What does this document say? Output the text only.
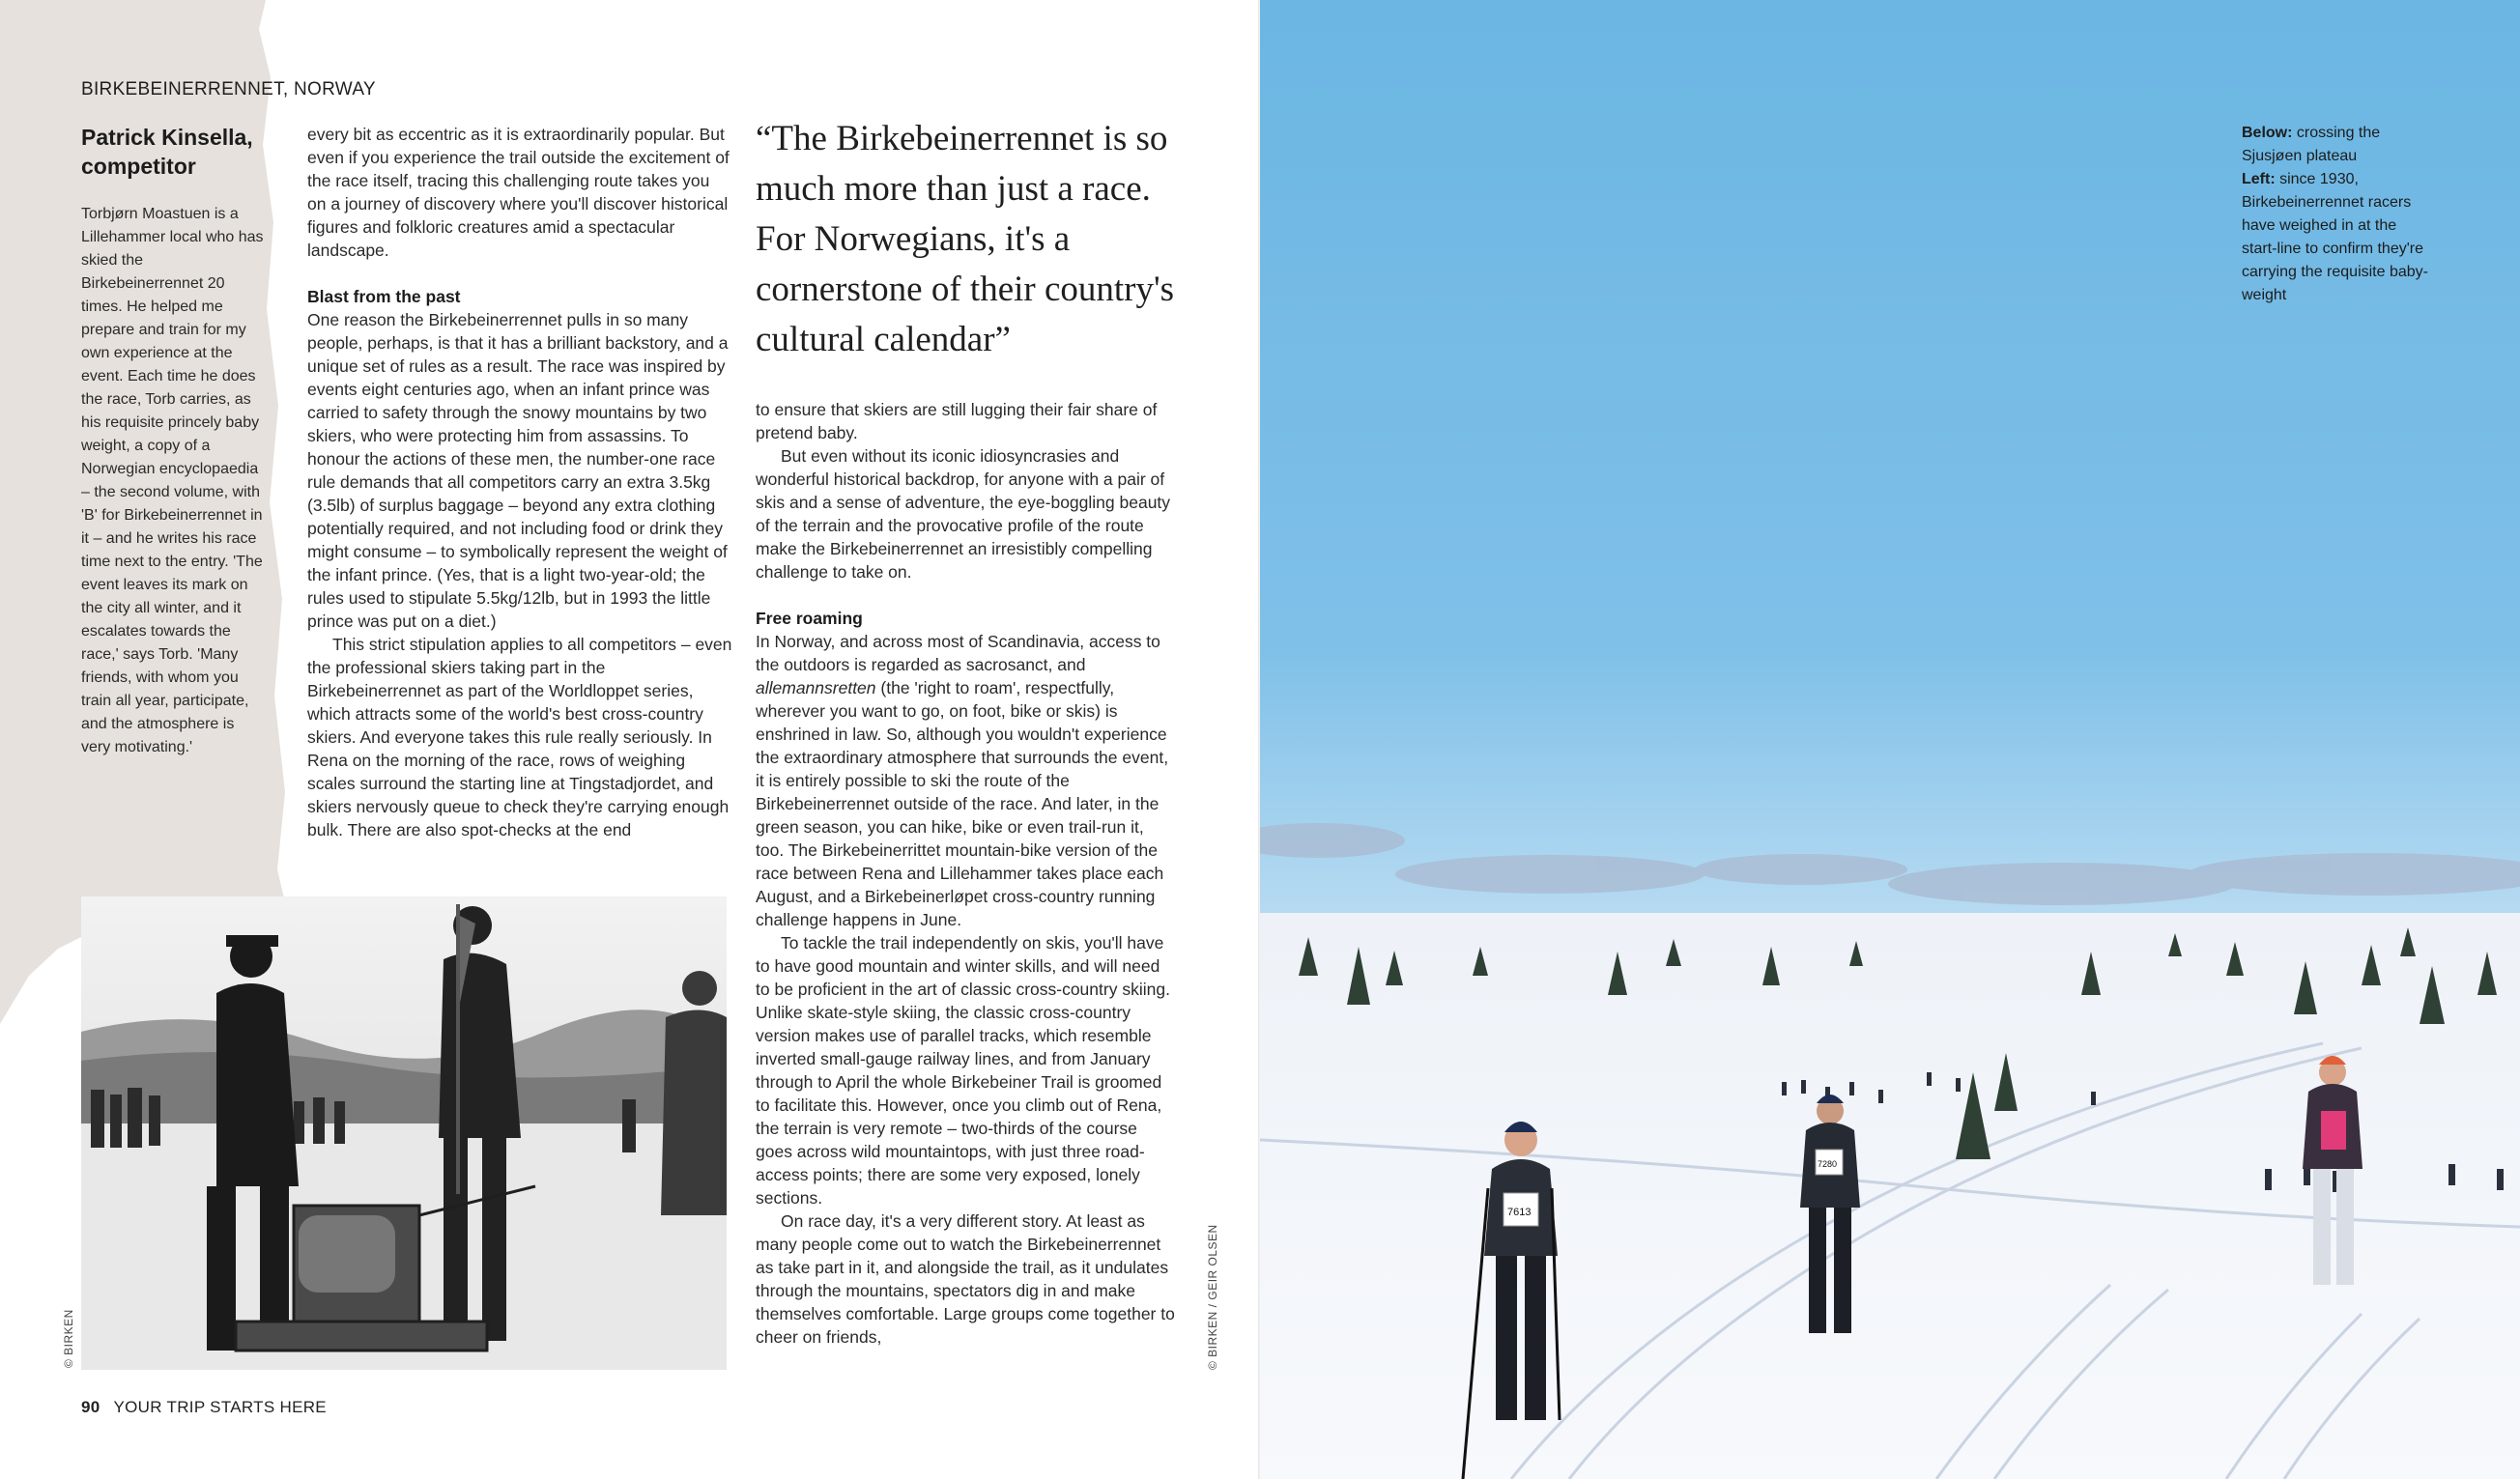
BIRKEBEINERRENNET, NORWAY
Patrick Kinsella, competitor
Torbjørn Moastuen is a Lillehammer local who has skied the Birkebeinerrennet 20 times. He helped me prepare and train for my own experience at the event. Each time he does the race, Torb carries, as his requisite princely baby weight, a copy of a Norwegian encyclopaedia – the second volume, with 'B' for Birkebeinerrennet in it – and he writes his race time next to the entry. 'The event leaves its mark on the city all winter, and it escalates towards the race,' says Torb. 'Many friends, with whom you train all year, participate, and the atmosphere is very motivating.'

every bit as eccentric as it is extraordinarily popular. But even if you experience the trail outside the excitement of the race itself, tracing this challenging route takes you on a journey of discovery where you'll discover historical figures and folkloric creatures amid a spectacular landscape.

Blast from the past

One reason the Birkebeinerrennet pulls in so many people, perhaps, is that it has a brilliant backstory, and a unique set of rules as a result. The race was inspired by events eight centuries ago, when an infant prince was carried to safety through the snowy mountains by two skiers, who were protecting him from assassins. To honour the actions of these men, the number-one race rule demands that all competitors carry an extra 3.5kg (3.5lb) of surplus baggage – beyond any extra clothing potentially required, and not including food or drink they might consume – to symbolically represent the weight of the infant prince. (Yes, that is a light two-year-old; the rules used to stipulate 5.5kg/12lb, but in 1993 the little prince was put on a diet.)

This strict stipulation applies to all competitors – even the professional skiers taking part in the Birkebeinerrennet as part of the Worldloppet series, which attracts some of the world's best cross-country skiers. And everyone takes this rule really seriously. In Rena on the morning of the race, rows of weighing scales surround the starting line at Tingstadjordet, and skiers nervously queue to check they're carrying enough bulk. There are also spot-checks at the end

“The Birkebeinerrennet is so much more than just a race. For Norwegians, it's a cornerstone of their country's cultural calendar”

to ensure that skiers are still lugging their fair share of pretend baby.

But even without its iconic idiosyncrasies and wonderful historical backdrop, for anyone with a pair of skis and a sense of adventure, the eye-boggling beauty of the terrain and the provocative profile of the route make the Birkebeinerrennet an irresistibly compelling challenge to take on.

Free roaming

In Norway, and across most of Scandinavia, access to the outdoors is regarded as sacrosanct, and allemannsretten (the 'right to roam', respectfully, wherever you want to go, on foot, bike or skis) is enshrined in law. So, although you wouldn't experience the extraordinary atmosphere that surrounds the event, it is entirely possible to ski the route of the Birkebeinerrennet outside of the race. And later, in the green season, you can hike, bike or even trail-run it, too. The Birkebeinerrittet mountain-bike version of the race between Rena and Lillehammer takes place each August, and a Birkebeinerløpet cross-country running challenge happens in June.

To tackle the trail independently on skis, you'll have to have good mountain and winter skills, and will need to be proficient in the art of classic cross-country skiing. Unlike skate-style skiing, the classic cross-country version makes use of parallel tracks, which resemble inverted small-gauge railway lines, and from January through to April the whole Birkebeiner Trail is groomed to facilitate this. However, once you climb out of Rena, the terrain is very remote – two-thirds of the course goes across wild mountaintops, with just three road-access points; there are some very exposed, lonely sections.

On race day, it's a very different story. At least as many people come out to watch the Birkebeinerrennet as take part in it, and alongside the trail, as it undulates through the mountains, spectators dig in and make themselves comfortable. Large groups come together to cheer on friends,

© BIRKEN	© BIRKEN / GEIR OLSEN
90 YOUR TRIP STARTS HERE
7613
7280
Below: crossing the Sjusjøen plateau
Left: since 1930, Birkebeinerrennet racers have weighed in at the start-line to confirm they're carrying the requisite baby-weight
